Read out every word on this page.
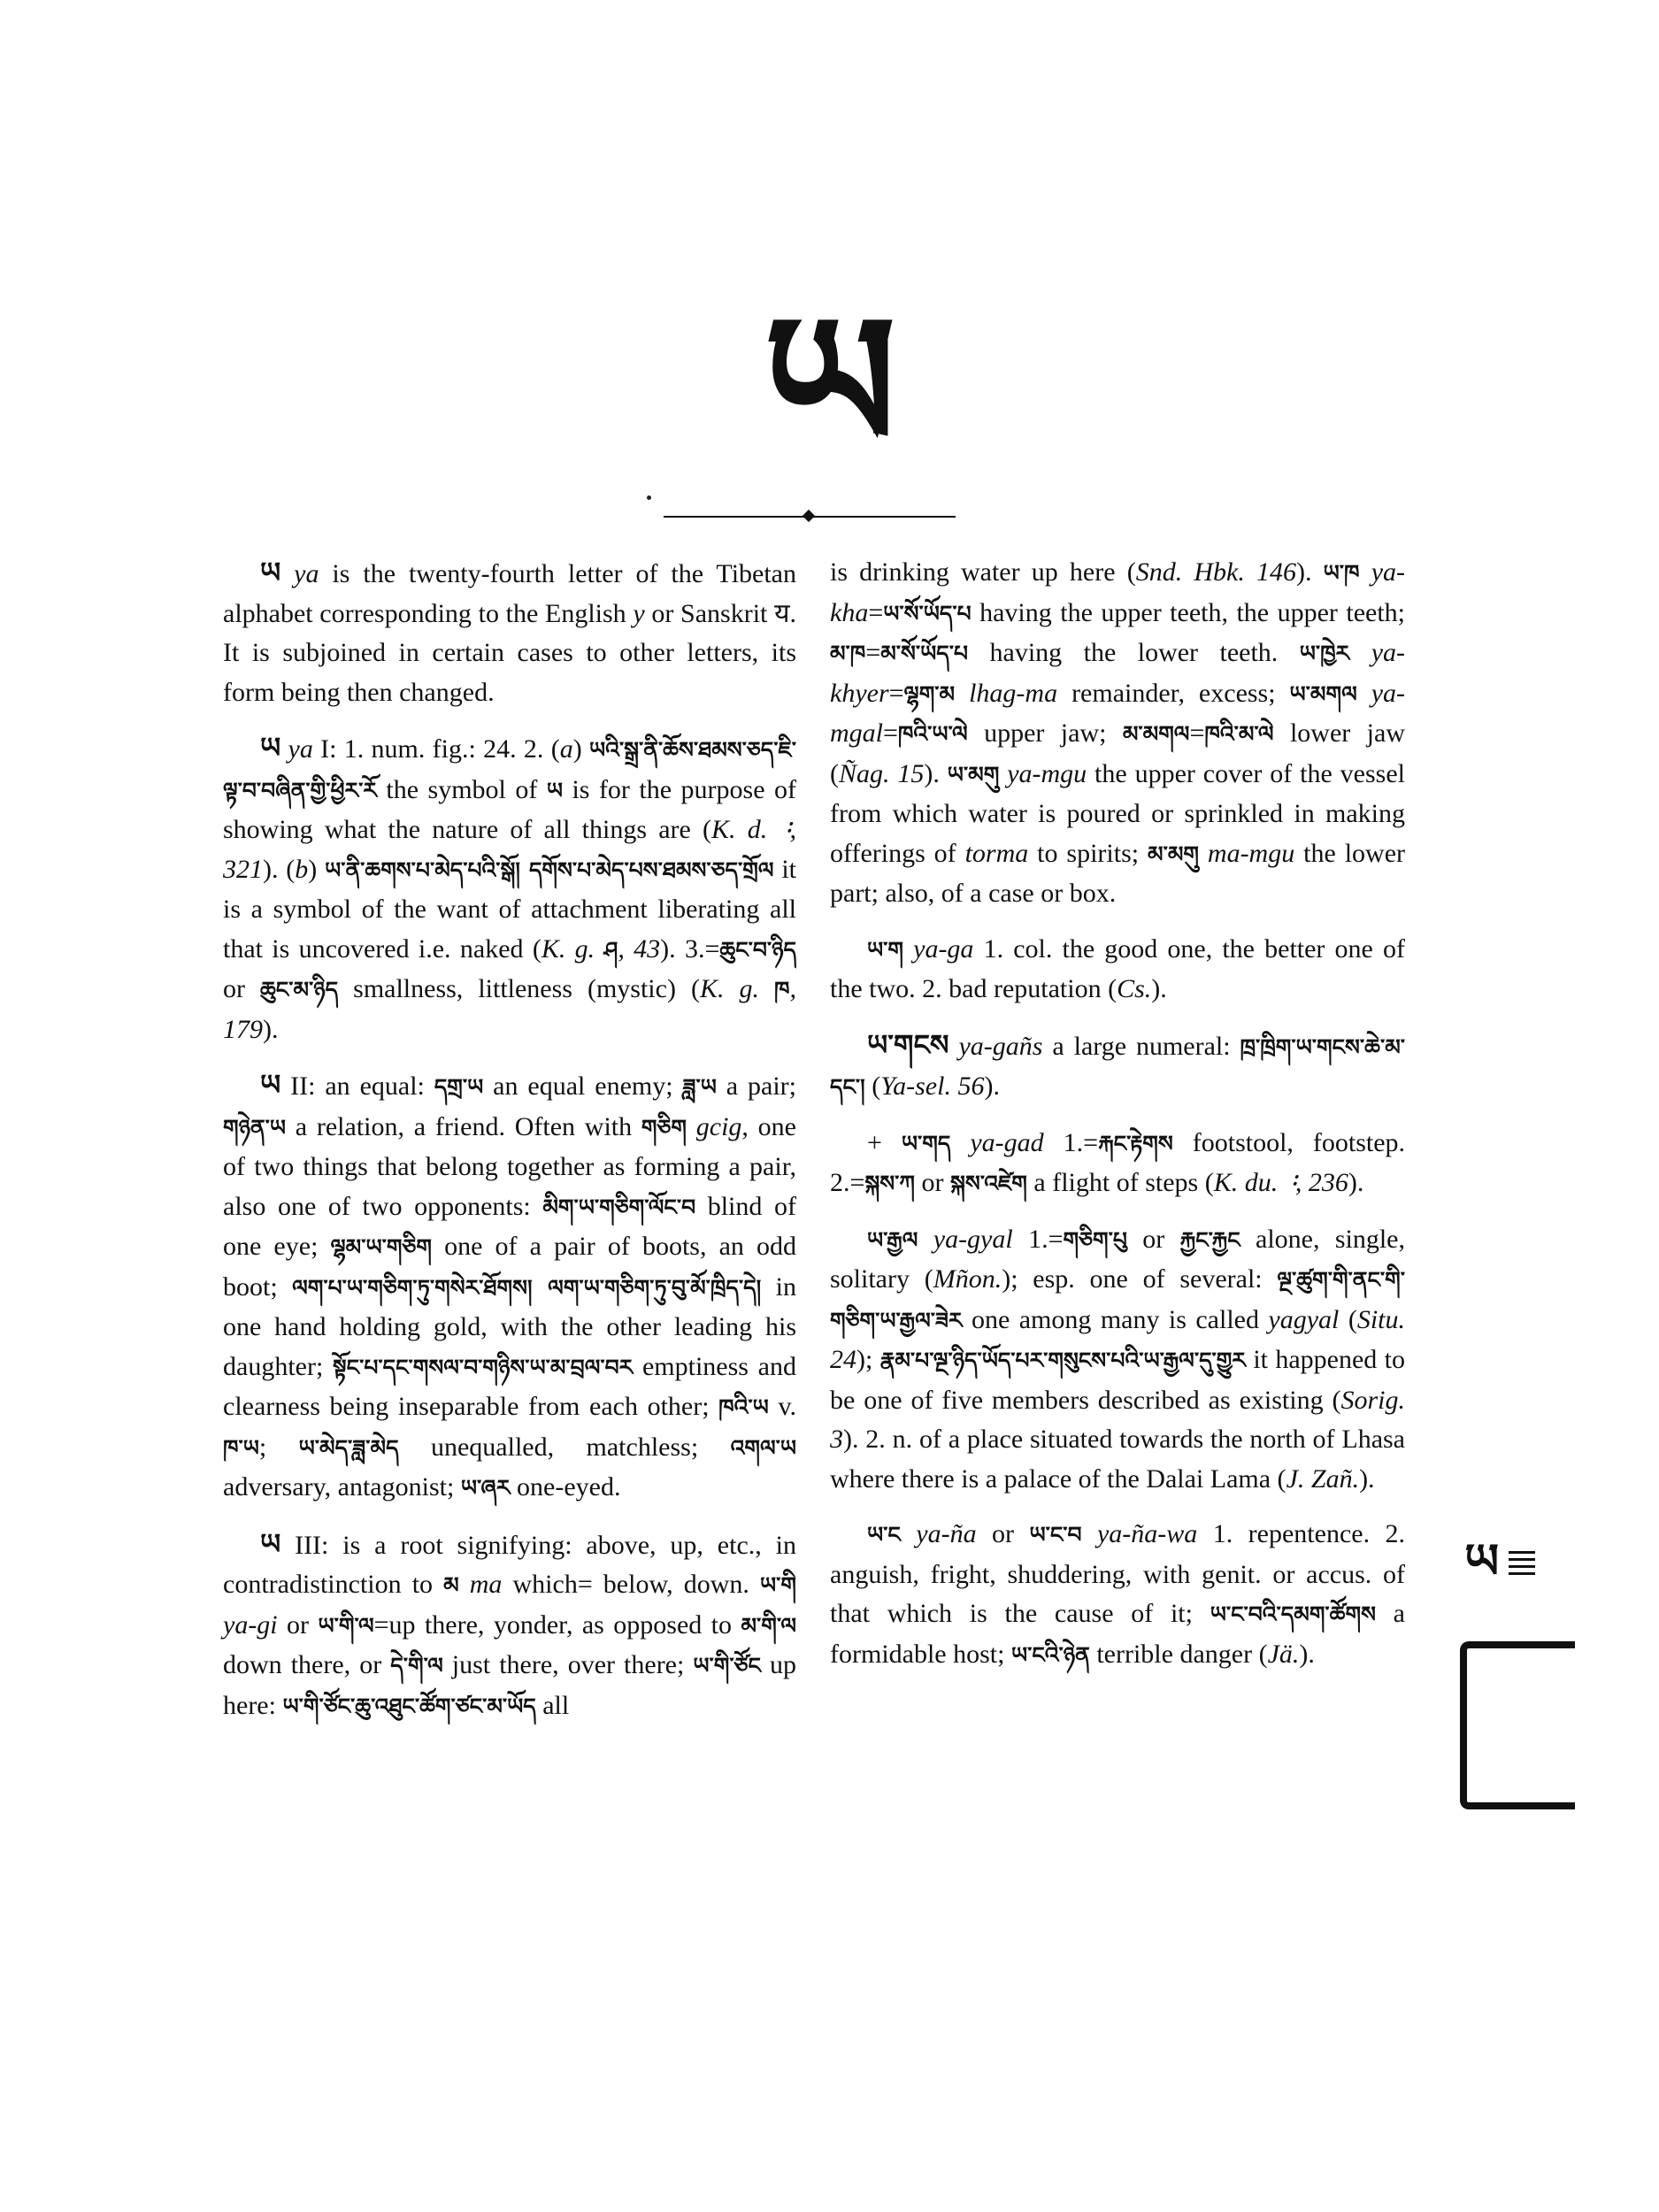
ཡ

ཡ ya is the twenty-fourth letter of the Tibetan alphabet corresponding to the English y or Sanskrit य. It is subjoined in certain cases to other letters, its form being then changed.

ཡ ya I: 1. num. fig.: 24. 2. (a) ཡའི་སྒྲ་ནི་ཆོས་ཐམས་ཅད་ཇི་ལྟ་བ་བཞིན་གྱི་ཕྱིར་རོ the symbol of ཡ is for the purpose of showing what the nature of all things are (K. d. ᠄, 321). (b) ཡ་ནི་ཆགས་པ་མེད་པའི་སྒོ། དགོས་པ་མེད་པས་ཐམས་ཅད་གྲོལ it is a symbol of the want of attachment liberating all that is uncovered i.e. naked (K. g. ཤ, 43). 3.=ཆུང་བ་ཉིད or ཆུང་མ་ཉིད smallness, littleness (mystic) (K. g. ཁ, 179).

ཡ II: an equal: དགྲ་ཡ an equal enemy; ཟླ་ཡ a pair; གཉེན་ཡ a relation, a friend. Often with གཅིག gcig, one of two things that belong together as forming a pair, also one of two opponents: མིག་ཡ་གཅིག་ལོང་བ blind of one eye; ལྷམ་ཡ་གཅིག one of a pair of boots, an odd boot; ལག་པ་ཡ་གཅིག་ཏུ་གསེར་ཐོགས། ལག་ཡ་གཅིག་ཏུ་བུ་མོ་ཁྲིད་དེ། in one hand holding gold, with the other leading his daughter; སྟོང་པ་དང་གསལ་བ་གཉིས་ཡ་མ་བྲལ་བར emptiness and clearness being inseparable from each other; ཁའི་ཡ v. ཁ་ཡ; ཡ་མེད་ཟླ་མེད unequalled, matchless; འགལ་ཡ adversary, antagonist; ཡ་ཞར one-eyed.

ཡ III: is a root signifying: above, up, etc., in contradistinction to མ ma which= below, down. ཡ་གི ya-gi or ཡ་གི་ལ=up there, yonder, as opposed to མ་གི་ལ down there, or དེ་གི་ལ just there, over there; ཡ་གི་ཙོང up here: ཡ་གི་ཙོང་ཆུ་འཐུང་ཚོག་ཙང་མ་ཡོད all

is drinking water up here (Snd. Hbk. 146). ཡ་ཁ ya-kha=ཡ་སོ་ཡོད་པ having the upper teeth, the upper teeth; མ་ཁ=མ་སོ་ཡོད་པ having the lower teeth. ཡ་ཁྱེར ya-khyer=ལྷག་མ lhag-ma remainder, excess; ཡ་མགལ ya-mgal=ཁའི་ཡ་ལེ upper jaw; མ་མགལ=ཁའི་མ་ལེ lower jaw (Ñag. 15). ཡ་མགུ ya-mgu the upper cover of the vessel from which water is poured or sprinkled in making offerings of torma to spirits; མ་མགུ ma-mgu the lower part; also, of a case or box.

ཡ་ག ya-ga 1. col. the good one, the better one of the two. 2. bad reputation (Cs.).

ཡ་གངས ya-gañs a large numeral: ཁྲ་ཁྲིག་ཡ་གངས་ཆེ་མ་དང་། (Ya-sel. 56).

+ ཡ་གད ya-gad 1.=རྐང་རྟེགས footstool, footstep. 2.=སྐས་ཀ or སྐས་འཛེག a flight of steps (K. du. ᠄, 236).

ཡ་རྒྱལ ya-gyal 1.=གཅིག་པུ or རྐྱང་རྐྱང alone, single, solitary (Mñon.); esp. one of several: ལྔ་ཚུག་གི་ནང་གི་གཅིག་ཡ་རྒྱལ་ཟེར one among many is called yagyal (Situ. 24); རྣམ་པ་ལྔ་ཉིད་ཡོད་པར་གསུངས་པའི་ཡ་རྒྱལ་དུ་གྱུར it happened to be one of five members described as existing (Sorig. 3). 2. n. of a place situated towards the north of Lhasa where there is a palace of the Dalai Lama (J. Zañ.).

ཡ་ང ya-ña or ཡ་ང་བ ya-ña-wa 1. repentence. 2. anguish, fright, shuddering, with genit. or accus. of that which is the cause of it; ཡ་ང་བའི་དམག་ཚོགས a formidable host; ཡ་ངའི་ཉེན terrible danger (Jä.).

ཡ
